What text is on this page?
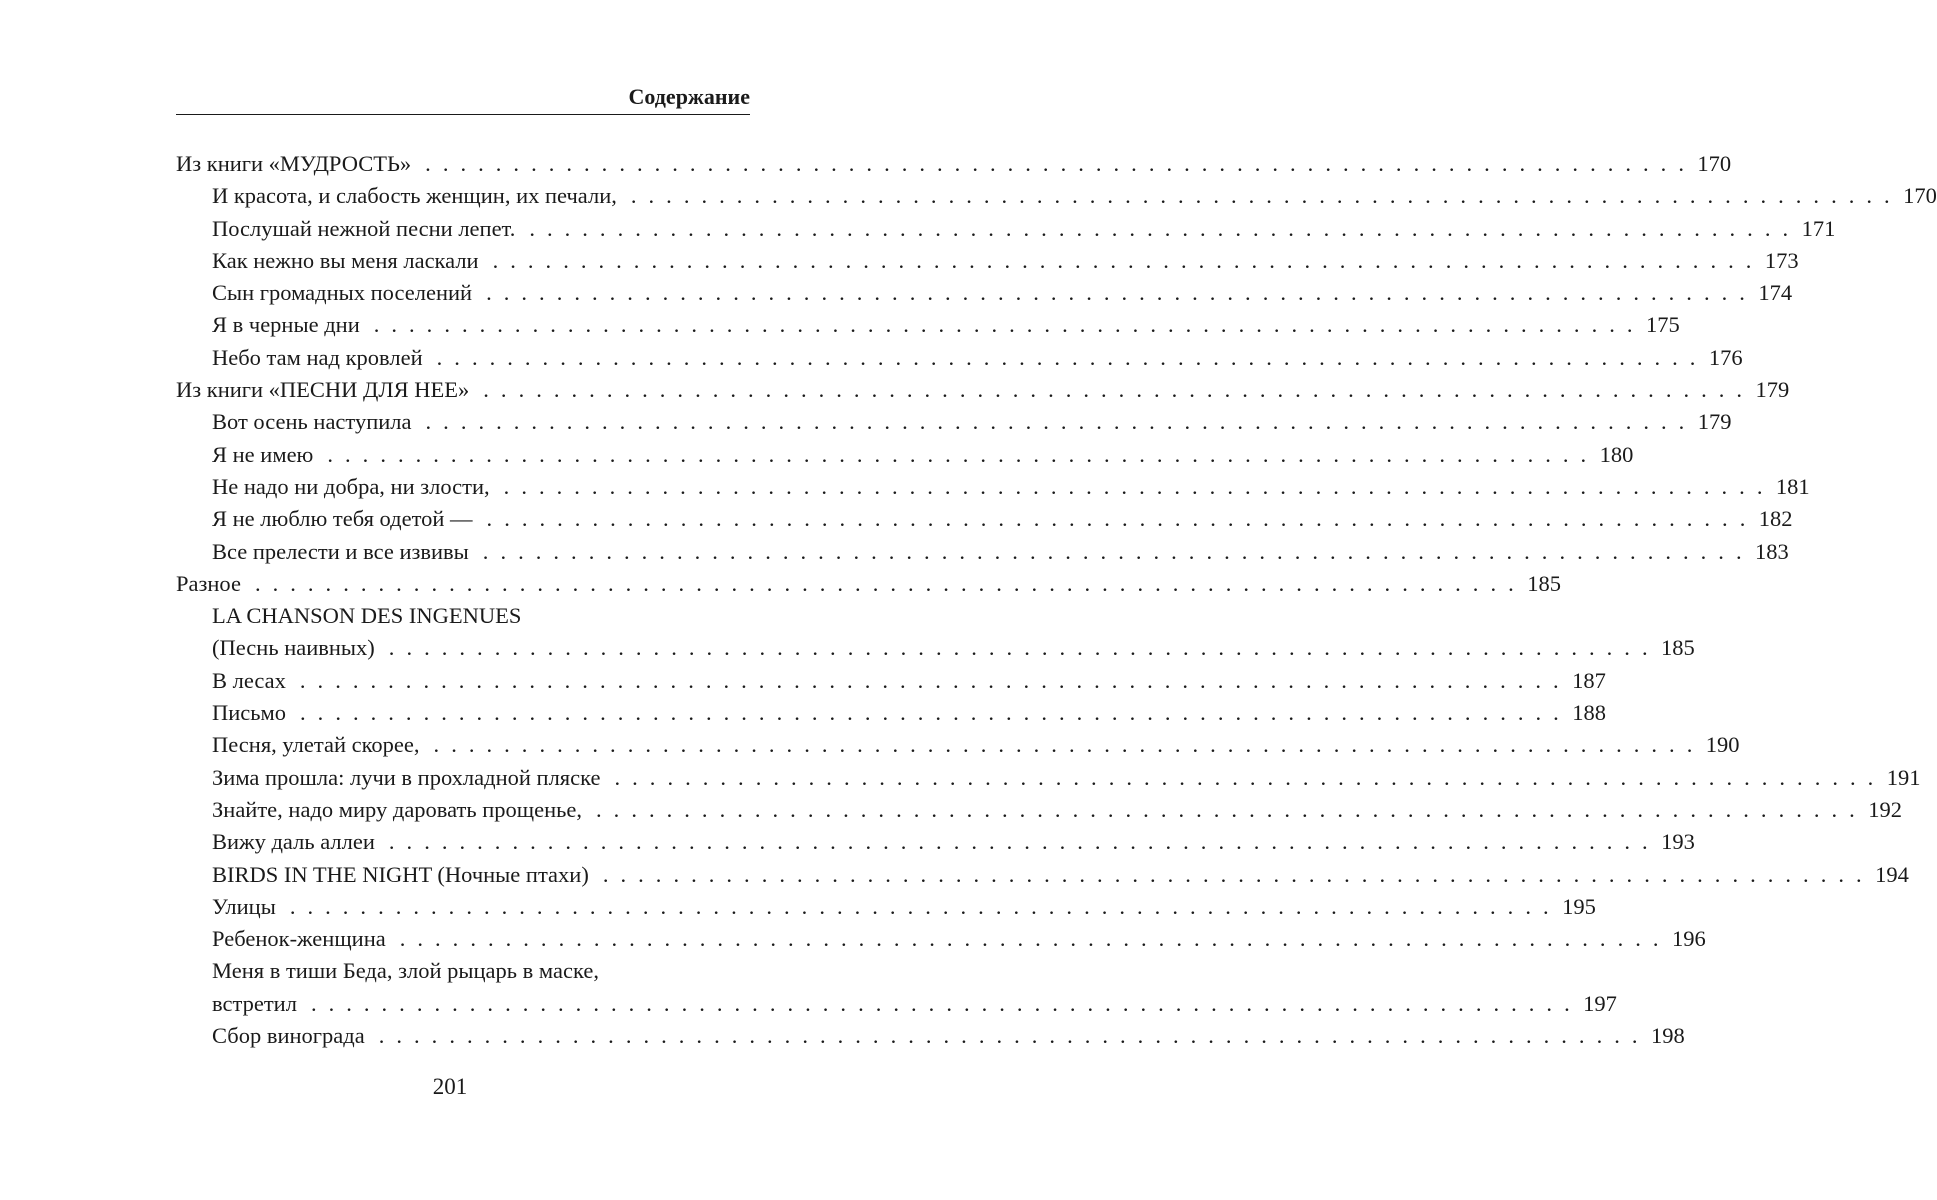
Содержание
Из книги «МУДРОСТЬ» . . . . . . . . . . . . . . . . . . . . . . . . . . . . . . . . . . . . . . . . . . . . . . . . . . . . . . . . . . . . . . . . . . . . . . . . 170
И красота, и слабость женщин, их печали, . . . . . . . . . . . . . . . . . . . . . . . . . . . . . . . . . . . . . . . . . . . . . . . . . . . . . . . . . . . . . . . . . . . . . . . . 170
Послушай нежной песни лепет. . . . . . . . . . . . . . . . . . . . . . . . . . . . . . . . . . . . . . . . . . . . . . . . . . . . . . . . . . . . . . . . . . . . . . . . . 171
Как нежно вы меня ласкали . . . . . . . . . . . . . . . . . . . . . . . . . . . . . . . . . . . . . . . . . . . . . . . . . . . . . . . . . . . . . . . . . . . . . . . . 173
Сын громадных поселений . . . . . . . . . . . . . . . . . . . . . . . . . . . . . . . . . . . . . . . . . . . . . . . . . . . . . . . . . . . . . . . . . . . . . . . . 174
Я в черные дни . . . . . . . . . . . . . . . . . . . . . . . . . . . . . . . . . . . . . . . . . . . . . . . . . . . . . . . . . . . . . . . . . . . . . . . . 175
Небо там над кровлей . . . . . . . . . . . . . . . . . . . . . . . . . . . . . . . . . . . . . . . . . . . . . . . . . . . . . . . . . . . . . . . . . . . . . . . . 176
Из книги «ПЕСНИ ДЛЯ НЕЕ» . . . . . . . . . . . . . . . . . . . . . . . . . . . . . . . . . . . . . . . . . . . . . . . . . . . . . . . . . . . . . . . . . . . . . . . . 179
Вот осень наступила . . . . . . . . . . . . . . . . . . . . . . . . . . . . . . . . . . . . . . . . . . . . . . . . . . . . . . . . . . . . . . . . . . . . . . . . 179
Я не имею . . . . . . . . . . . . . . . . . . . . . . . . . . . . . . . . . . . . . . . . . . . . . . . . . . . . . . . . . . . . . . . . . . . . . . . . 180
Не надо ни добра, ни злости, . . . . . . . . . . . . . . . . . . . . . . . . . . . . . . . . . . . . . . . . . . . . . . . . . . . . . . . . . . . . . . . . . . . . . . . . 181
Я не люблю тебя одетой — . . . . . . . . . . . . . . . . . . . . . . . . . . . . . . . . . . . . . . . . . . . . . . . . . . . . . . . . . . . . . . . . . . . . . . . . 182
Все прелести и все извивы . . . . . . . . . . . . . . . . . . . . . . . . . . . . . . . . . . . . . . . . . . . . . . . . . . . . . . . . . . . . . . . . . . . . . . . . 183
Разное . . . . . . . . . . . . . . . . . . . . . . . . . . . . . . . . . . . . . . . . . . . . . . . . . . . . . . . . . . . . . . . . . . . . . . . . 185
LA CHANSON DES INGENUES
(Песнь наивных) . . . . . . . . . . . . . . . . . . . . . . . . . . . . . . . . . . . . . . . . . . . . . . . . . . . . . . . . . . . . . . . . . . . . . . . . 185
В лесах . . . . . . . . . . . . . . . . . . . . . . . . . . . . . . . . . . . . . . . . . . . . . . . . . . . . . . . . . . . . . . . . . . . . . . . . 187
Письмо . . . . . . . . . . . . . . . . . . . . . . . . . . . . . . . . . . . . . . . . . . . . . . . . . . . . . . . . . . . . . . . . . . . . . . . . 188
Песня, улетай скорее, . . . . . . . . . . . . . . . . . . . . . . . . . . . . . . . . . . . . . . . . . . . . . . . . . . . . . . . . . . . . . . . . . . . . . . . . 190
Зима прошла: лучи в прохладной пляске . . . . . . . . . . . . . . . . . . . . . . . . . . . . . . . . . . . . . . . . . . . . . . . . . . . . . . . . . . . . . . . . . . . . . . . . 191
Знайте, надо миру даровать прощенье, . . . . . . . . . . . . . . . . . . . . . . . . . . . . . . . . . . . . . . . . . . . . . . . . . . . . . . . . . . . . . . . . . . . . . . . . 192
Вижу даль аллеи . . . . . . . . . . . . . . . . . . . . . . . . . . . . . . . . . . . . . . . . . . . . . . . . . . . . . . . . . . . . . . . . . . . . . . . . 193
BIRDS IN THE NIGHT (Ночные птахи) . . . . . . . . . . . . . . . . . . . . . . . . . . . . . . . . . . . . . . . . . . . . . . . . . . . . . . . . . . . . . . . . . . . . . . . . 194
Улицы . . . . . . . . . . . . . . . . . . . . . . . . . . . . . . . . . . . . . . . . . . . . . . . . . . . . . . . . . . . . . . . . . . . . . . . . 195
Ребенок-женщина . . . . . . . . . . . . . . . . . . . . . . . . . . . . . . . . . . . . . . . . . . . . . . . . . . . . . . . . . . . . . . . . . . . . . . . . 196
Меня в тиши Беда, злой рыцарь в маске,
встретил . . . . . . . . . . . . . . . . . . . . . . . . . . . . . . . . . . . . . . . . . . . . . . . . . . . . . . . . . . . . . . . . . . . . . . . . 197
Сбор винограда . . . . . . . . . . . . . . . . . . . . . . . . . . . . . . . . . . . . . . . . . . . . . . . . . . . . . . . . . . . . . . . . . . . . . . . . 198
201
